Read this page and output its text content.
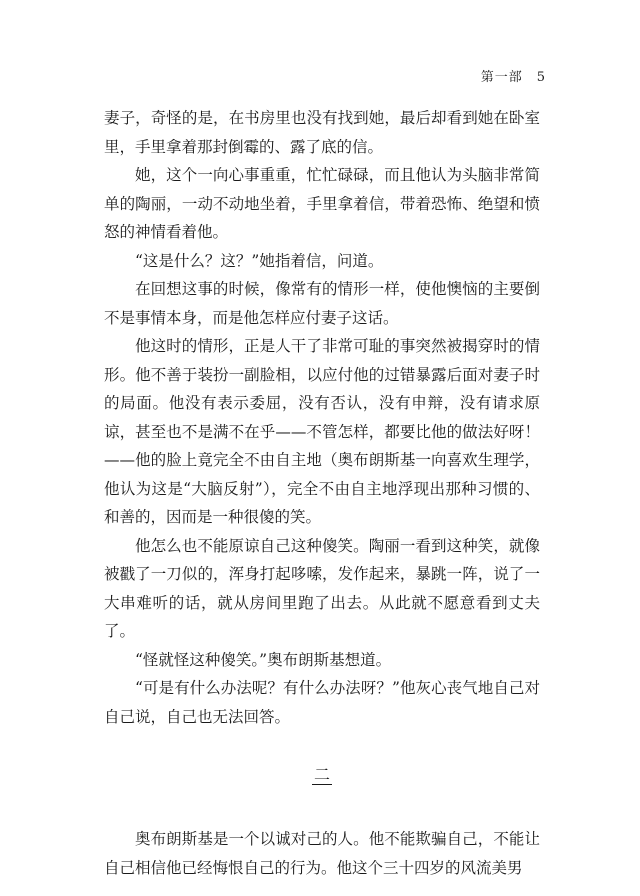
第一部 5

妻子，奇怪的是，在书房里也没有找到她，最后却看到她在卧室里，手里拿着那封倒霉的、露了底的信。

她，这个一向心事重重，忙忙碌碌，而且他认为头脑非常简单的陶丽，一动不动地坐着，手里拿着信，带着恐怖、绝望和愤怒的神情看着他。

“这是什么？这？”她指着信，问道。

在回想这事的时候，像常有的情形一样，使他懊恼的主要倒不是事情本身，而是他怎样应付妻子这话。

他这时的情形，正是人干了非常可耻的事突然被揭穿时的情形。他不善于装扮一副脸相，以应付他的过错暴露后面对妻子时的局面。他没有表示委屈，没有否认，没有申辩，没有请求原谅，甚至也不是满不在乎——不管怎样，都要比他的做法好呀！——他的脸上竟完全不由自主地（奥布朗斯基一向喜欢生理学，他认为这是“大脑反射”），完全不由自主地浮现出那种习惯的、和善的，因而是一种很傻的笑。

他怎么也不能原谅自己这种傻笑。陶丽一看到这种笑，就像被戳了一刀似的，浑身打起哆嗦，发作起来，暴跳一阵，说了一大串难听的话，就从房间里跑了出去。从此就不愿意看到丈夫了。

“怪就怪这种傻笑。”奥布朗斯基想道。

“可是有什么办法呢？有什么办法呀？”他灰心丧气地自己对自己说，自己也无法回答。

二

奥布朗斯基是一个以诚对己的人。他不能欺骗自己，不能让自己相信他已经悔恨自己的行为。他这个三十四岁的风流美男
